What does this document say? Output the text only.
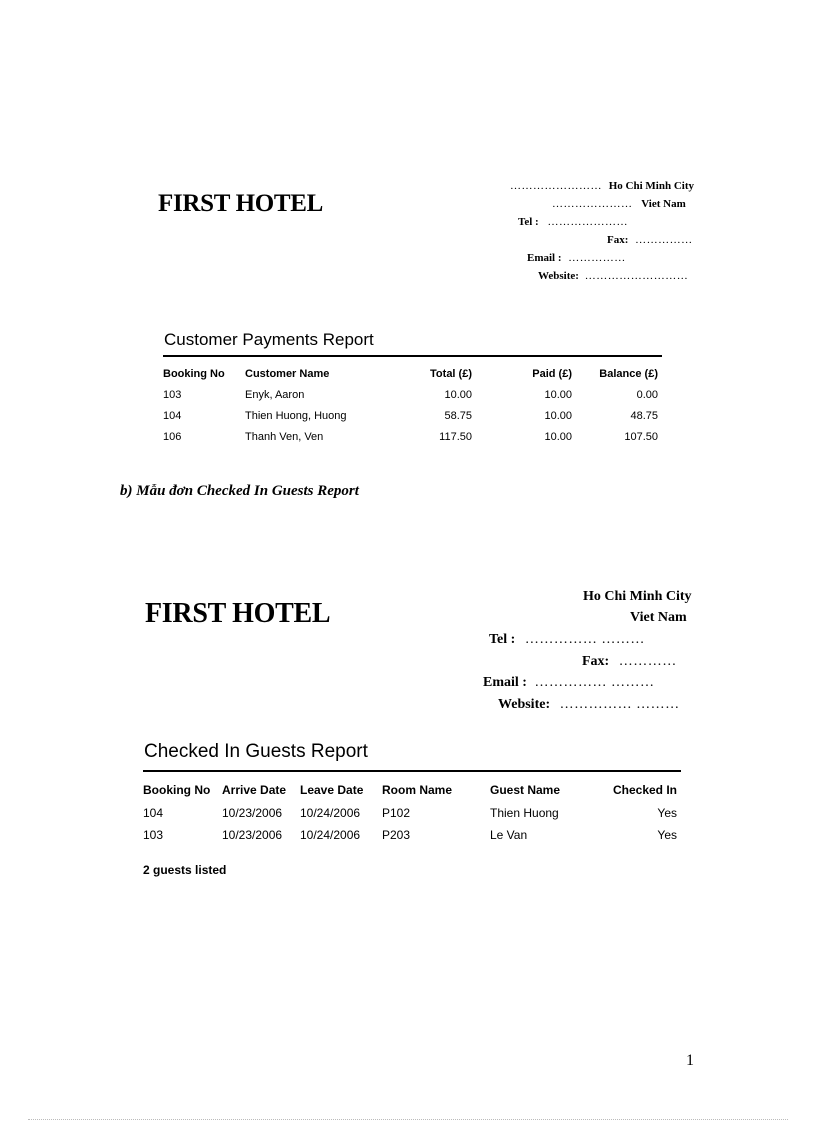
FIRST HOTEL
…………………… Ho Chi Minh City
………………… Viet Nam
Tel : …………………
Fax: ……………
Email : ……………
Website: ………………………
Customer Payments Report
Booking No Customer Name	Total (£)	Paid (£)	Balance (£)
103	Enyk, Aaron	10.00	10.00	0.00
104	Thien Huong, Huong	58.75	10.00	48.75
106	Thanh Ven, Ven	117.50	10.00	107.50
b) Mẫu đơn Checked In Guests Report
FIRST HOTEL
Ho Chi Minh City
Viet Nam
Tel : …………… ………
Fax: …………
Email : …………… ………
Website: …………… ………
Checked In Guests Report
Booking No Arrive Date Leave Date Room Name	Guest Name	Checked In
104	10/23/2006 10/24/2006 P102	Thien Huong	Yes
103	10/23/2006 10/24/2006 P203	Le Van	Yes
2 guests listed
1
